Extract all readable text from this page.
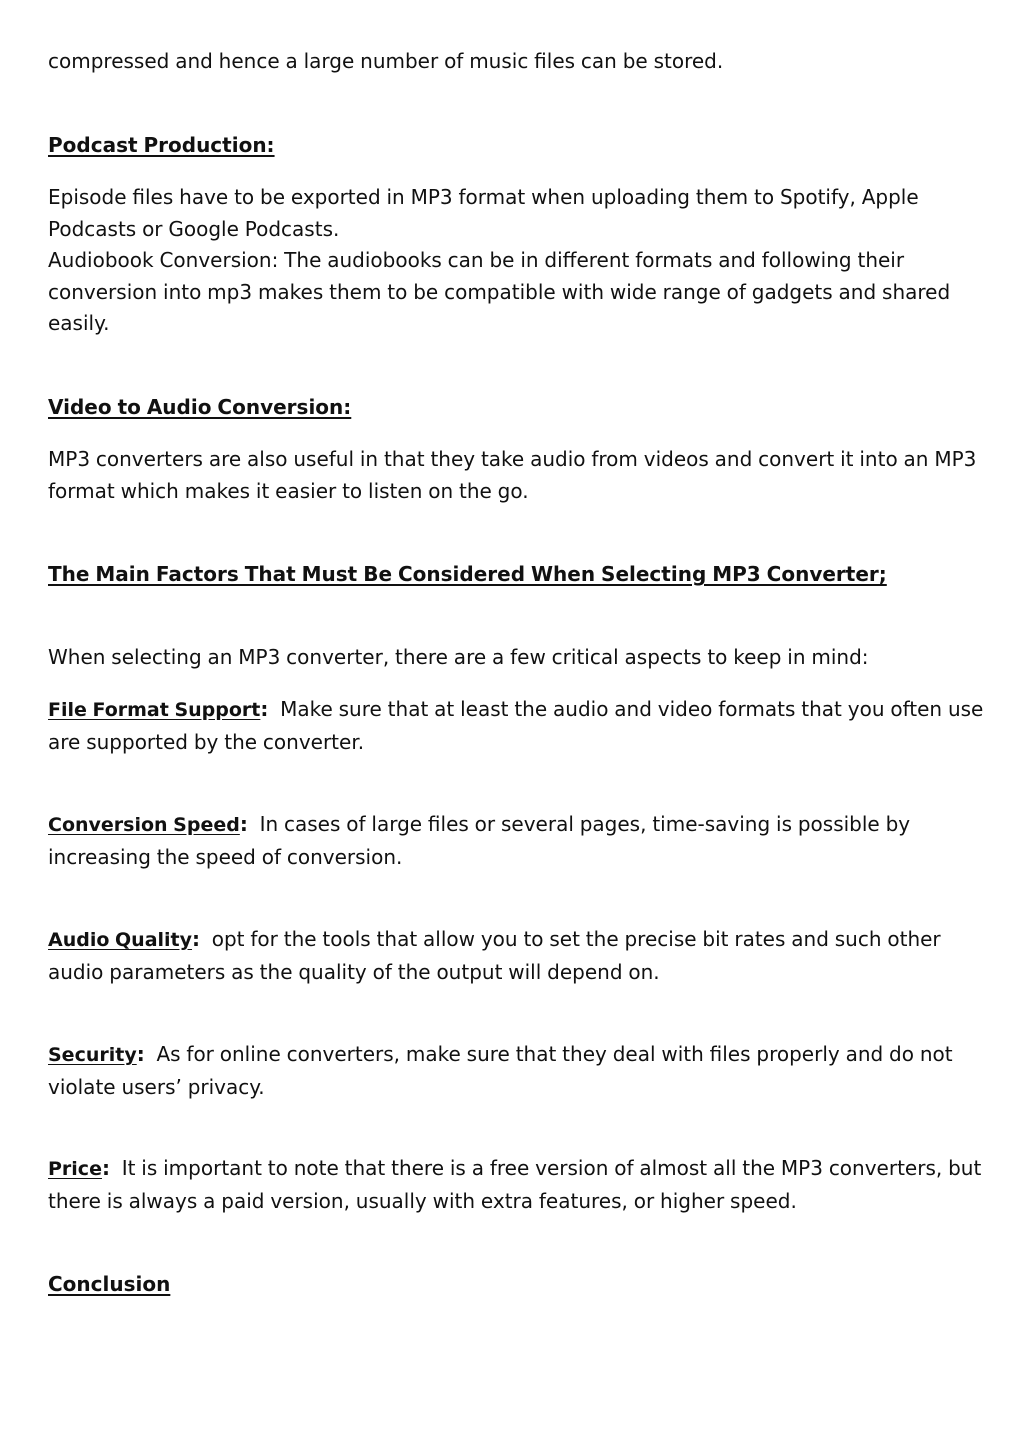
compressed and hence a large number of music files can be stored.

Podcast Production:

Episode files have to be exported in MP3 format when uploading them to Spotify, Apple Podcasts or Google Podcasts.

Audiobook Conversion: The audiobooks can be in different formats and following their conversion into mp3 makes them to be compatible with wide range of gadgets and shared easily.

Video to Audio Conversion:

MP3 converters are also useful in that they take audio from videos and convert it into an MP3 format which makes it easier to listen on the go.

The Main Factors That Must Be Considered When Selecting MP3 Converter;

When selecting an MP3 converter, there are a few critical aspects to keep in mind:

File Format Support: Make sure that at least the audio and video formats that you often use are supported by the converter.

Conversion Speed: In cases of large files or several pages, time-saving is possible by increasing the speed of conversion.

Audio Quality: opt for the tools that allow you to set the precise bit rates and such other audio parameters as the quality of the output will depend on.

Security: As for online converters, make sure that they deal with files properly and do not violate users’ privacy.

Price: It is important to note that there is a free version of almost all the MP3 converters, but there is always a paid version, usually with extra features, or higher speed.

Conclusion
